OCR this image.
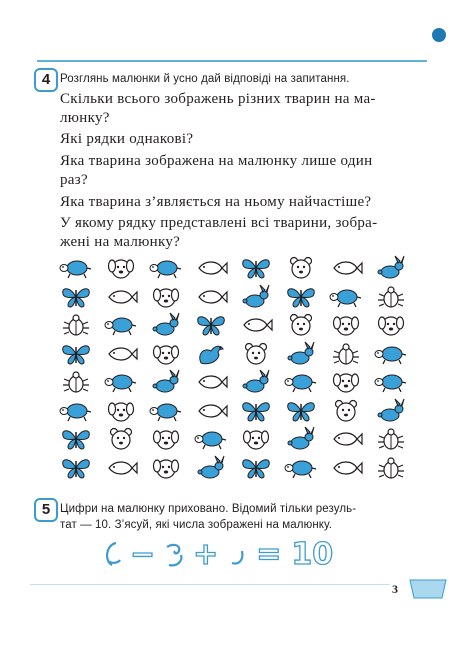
4 Розглянь малюнки й усно дай відповіді на запитання.
Скільки всього зображень різних тварин на ма-
люнку?
Які рядки однакові?
Яка тварина зображена на малюнку лише один
раз?
Яка тварина з’являється на ньому найчастіше?
У якому рядку представлені всі тварини, зобра-
жені на малюнку?
5 Цифри на малюнку приховано. Відомий тільки резуль-
тат — 10. З’ясуй, які числа зображені на малюнку.
− + = 10
3
